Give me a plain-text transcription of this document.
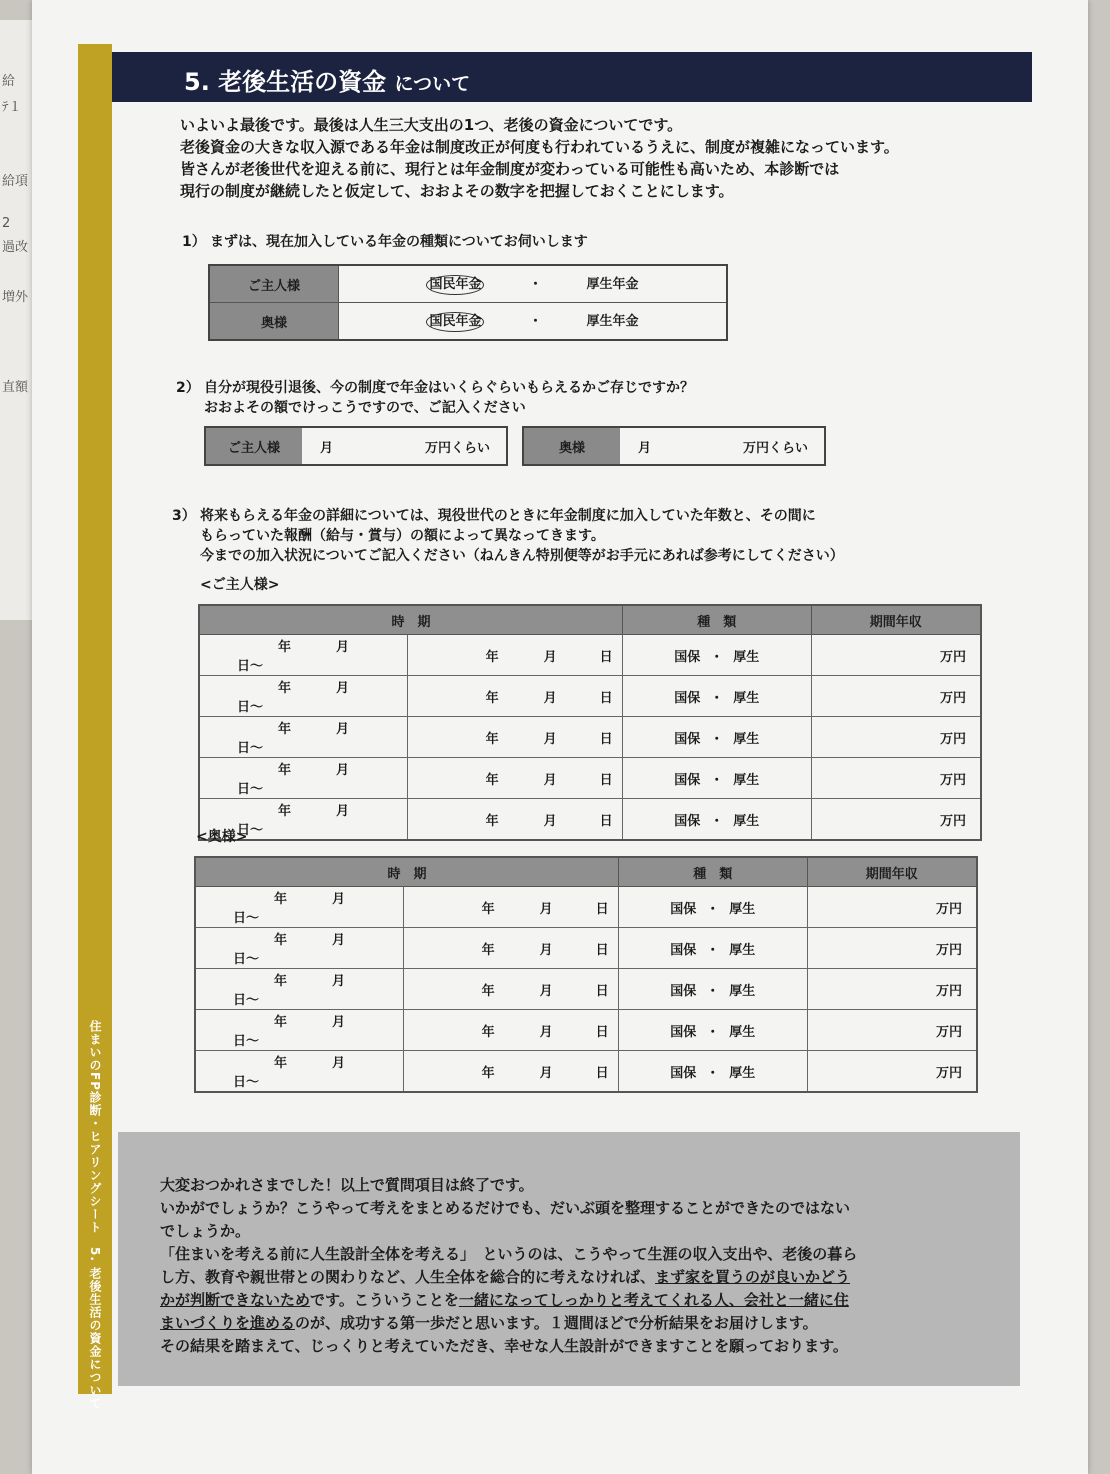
給
ﾃ１
給項
2
過改
増外
直額
住まいのFP診断・ヒアリングシート　5. 老後生活の資金について
5. 老後生活の資金 について
いよいよ最後です。最後は人生三大支出の1つ、老後の資金についてです。
老後資金の大きな収入源である年金は制度改正が何度も行われているうえに、制度が複雑になっています。
皆さんが老後世代を迎える前に、現行とは年金制度が変わっている可能性も高いため、本診断では
現行の制度が継続したと仮定して、おおよその数字を把握しておくことにします。
1） まずは、現在加入している年金の種類についてお伺いします
ご主人様	国民年金 ・ 厚生年金
奥様	国民年金 ・ 厚生年金
2） 自分が現役引退後、今の制度で年金はいくらぐらいもらえるかご存じですか？
おおよその額でけっこうですので、ご記入ください
ご主人様	月	万円くらい	奥様	月	万円くらい
3） 将来もらえる年金の詳細については、現役世代のときに年金制度に加入していた年数と、その間に
もらっていた報酬（給与・賞与）の額によって異なってきます。
今までの加入状況についてご記入ください（ねんきん特別便等がお手元にあれば参考にしてください）
<ご主人様>
時　期		種　類	期間年収
年 月日〜	年 月 日	国保 ・ 厚生	万円
年 月日〜	年 月 日	国保 ・ 厚生	万円
年 月日〜	年 月 日	国保 ・ 厚生	万円
年 月日〜	年 月 日	国保 ・ 厚生	万円
年 月日〜	年 月 日	国保 ・ 厚生	万円
<奥様>
時　期		種　類	期間年収
年 月日〜	年 月 日	国保 ・ 厚生	万円
年 月日〜	年 月 日	国保 ・ 厚生	万円
年 月日〜	年 月 日	国保 ・ 厚生	万円
年 月日〜	年 月 日	国保 ・ 厚生	万円
年 月日〜	年 月 日	国保 ・ 厚生	万円
大変おつかれさまでした！以上で質問項目は終了です。
いかがでしょうか？こうやって考えをまとめるだけでも、だいぶ頭を整理することができたのではない
でしょうか。
「住まいを考える前に人生設計全体を考える」　というのは、こうやって生涯の収入支出や、老後の暮ら
し方、教育や親世帯との関わりなど、人生全体を総合的に考えなければ、まず家を買うのが良いかどう
かが判断できないためです。こういうことを一緒になってしっかりと考えてくれる人、会社と一緒に住
まいづくりを進めるのが、成功する第一歩だと思います。１週間ほどで分析結果をお届けします。
その結果を踏まえて、じっくりと考えていただき、幸せな人生設計ができますことを願っております。
